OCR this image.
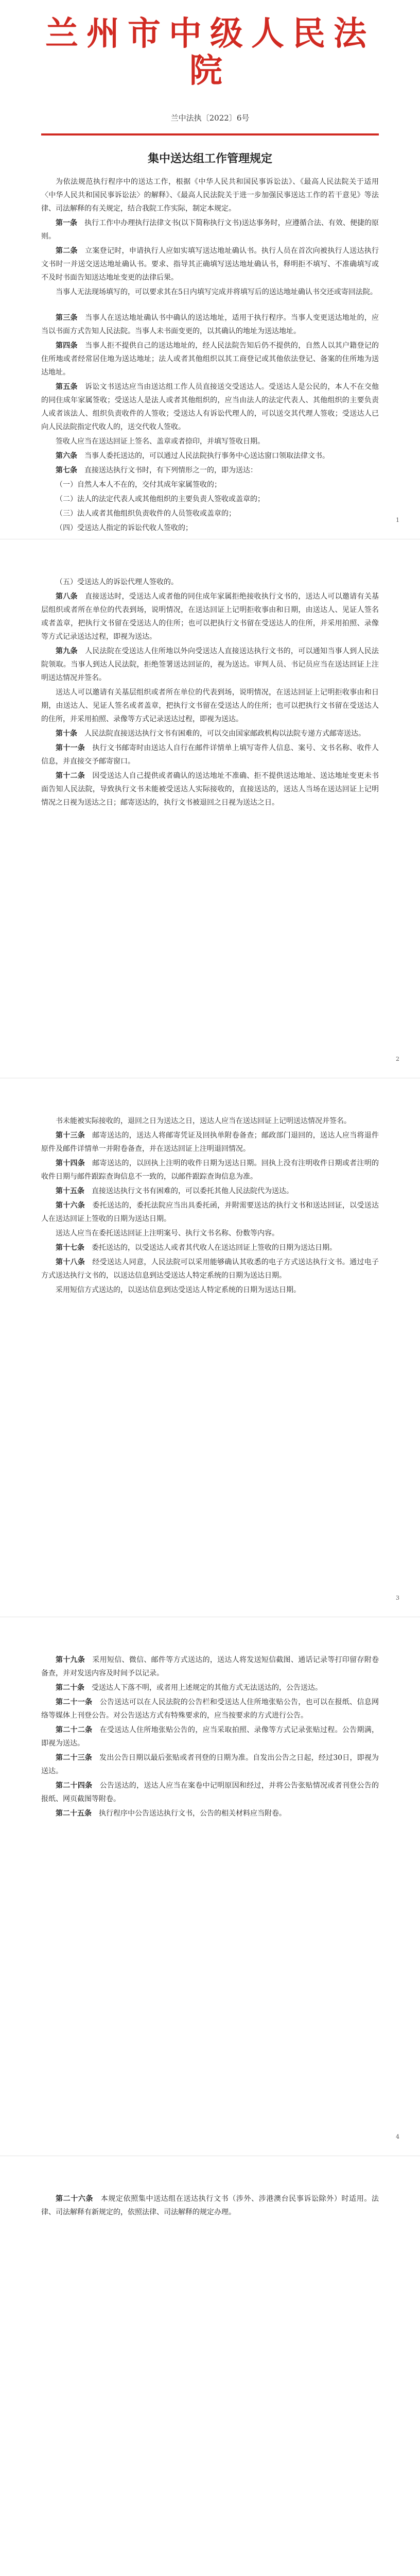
兰州市中级人民法院
兰中法执〔2022〕6号
集中送达组工作管理规定

为依法规范执行程序中的送达工作，根据《中华人民共和国民事诉讼法》、《最高人民法院关于适用〈中华人民共和国民事诉讼法〉的解释》、《最高人民法院关于进一步加强民事送达工作的若干意见》等法律、司法解释的有关规定，结合我院工作实际，制定本规定。

第一条　 执行工作中办理执行法律文书(以下简称执行文书)送达事务时，应遵循合法、有效、便捷的原则。

第二条　 立案登记时，申请执行人应如实填写送达地址确认书。执行人员在首次向被执行人送达执行文书时一并送交送达地址确认书。要求、指导其正确填写送达地址确认书，释明拒不填写、不准确填写或不及时书面告知送达地址变更的法律后果。

当事人无法现场填写的，可以要求其在5日内填写完成并将填写后的送达地址确认书交还或寄回法院。

第三条　 当事人在送达地址确认书中确认的送达地址，适用于执行程序。当事人变更送达地址的，应当以书面方式告知人民法院。当事人未书面变更的，以其确认的地址为送达地址。

第四条　 当事人拒不提供自己的送达地址的，经人民法院告知后仍不提供的，自然人以其户籍登记的住所地或者经常居住地为送达地址；法人或者其他组织以其工商登记或其他依法登记、备案的住所地为送达地址。

第五条　 诉讼文书送达应当由送达组工作人员直接送交受送达人。受送达人是公民的，本人不在交他的同住成年家属签收；受送达人是法人或者其他组织的，应当由法人的法定代表人、其他组织的主要负责人或者该法人、组织负责收件的人签收；受送达人有诉讼代理人的，可以送交其代理人签收；受送达人已向人民法院指定代收人的，送交代收人签收。

签收人应当在送达回证上签名、盖章或者捺印，并填写签收日期。

第六条　 当事人委托送达的，可以通过人民法院执行事务中心送达窗口领取法律文书。

第七条　 直接送达执行文书时，有下列情形之一的，即为送达：

（一）自然人本人不在的，交付其成年家属签收的；

（二）法人的法定代表人或其他组织的主要负责人签收或盖章的；

（三）法人或者其他组织负责收件的人员签收或盖章的；

（四）受送达人指定的诉讼代收人签收的；

1

（五）受送达人的诉讼代理人签收的。

第八条　 直接送达时，受送达人或者他的同住成年家属拒绝接收执行文书的，送达人可以邀请有关基层组织或者所在单位的代表到场，说明情况，在送达回证上记明拒收事由和日期，由送达人、见证人签名或者盖章，把执行文书留在受送达人的住所；也可以把执行文书留在受送达人的住所，并采用拍照、录像等方式记录送达过程，即视为送达。

第九条　 人民法院在受送达人住所地以外向受送达人直接送达执行文书的，可以通知当事人到人民法院领取。当事人到达人民法院，拒绝签署送达回证的，视为送达。审判人员、书记员应当在送达回证上注明送达情况并签名。

送达人可以邀请有关基层组织或者所在单位的代表到场，说明情况，在送达回证上记明拒收事由和日期，由送达人、见证人签名或者盖章，把执行文书留在受送达人的住所；也可以把执行文书留在受送达人的住所，并采用拍照、录像等方式记录送达过程，即视为送达。

第十条　 人民法院直接送达执行文书有困难的，可以交由国家邮政机构以法院专递方式邮寄送达。

第十一条　 执行文书邮寄时由送达人自行在邮件详情单上填写寄件人信息、案号、文书名称、收件人信息，并直接交予邮寄窗口。

第十二条　 因受送达人自己提供或者确认的送达地址不准确、拒不提供送达地址、送达地址变更未书面告知人民法院，导致执行文书未能被受送达人实际接收的，直接送达的，送达人当场在送达回证上记明情况之日视为送达之日；邮寄送达的，执行文书被退回之日视为送达之日。

2

书未能被实际接收的，退回之日为送达之日，送达人应当在送达回证上记明送达情况并签名。

第十三条　 邮寄送达的，送达人将邮寄凭证及回执单附卷备查；邮政部门退回的，送达人应当将退件原件及邮件详情单一并附卷备查，并在送达回证上注明退回情况。

第十四条　 邮寄送达的，以回执上注明的收件日期为送达日期。回执上没有注明收件日期或者注明的收件日期与邮件跟踪查询信息不一致的，以邮件跟踪查询信息为准。

第十五条　 直接送达执行文书有困难的，可以委托其他人民法院代为送达。

第十六条　 委托送达的，委托法院应当出具委托函，并附需要送达的执行文书和送达回证，以受送达人在送达回证上签收的日期为送达日期。

送达人应当在委托送达回证上注明案号、执行文书名称、份数等内容。

第十七条　 委托送达的，以受送达人或者其代收人在送达回证上签收的日期为送达日期。

第十八条　 经受送达人同意，人民法院可以采用能够确认其收悉的电子方式送达执行文书。通过电子方式送达执行文书的，以送达信息到达受送达人特定系统的日期为送达日期。

采用短信方式送达的，以送达信息到达受送达人特定系统的日期为送达日期。

3

第十九条　 采用短信、微信、邮件等方式送达的，送达人将发送短信截图、通话记录等打印留存附卷备查，并对发送内容及时间予以记录。

第二十条　 受送达人下落不明，或者用上述规定的其他方式无法送达的，公告送达。

第二十一条　 公告送达可以在人民法院的公告栏和受送达人住所地张贴公告，也可以在报纸、信息网络等媒体上刊登公告。对公告送达方式有特殊要求的，应当按要求的方式进行公告。

第二十二条　 在受送达人住所地张贴公告的，应当采取拍照、录像等方式记录张贴过程。公告期满，即视为送达。

第二十三条　 发出公告日期以最后张贴或者刊登的日期为准。自发出公告之日起，经过30日，即视为送达。

第二十四条　 公告送达的，送达人应当在案卷中记明原因和经过，并将公告张贴情况或者刊登公告的报纸、网页截图等附卷。

第二十五条　 执行程序中公告送达执行文书，公告的相关材料应当附卷。

4

第二十六条　 本规定依照集中送达组在送达执行文书（涉外、涉港澳台民事诉讼除外）时适用。法律、司法解释有新规定的，依照法律、司法解释的规定办理。
